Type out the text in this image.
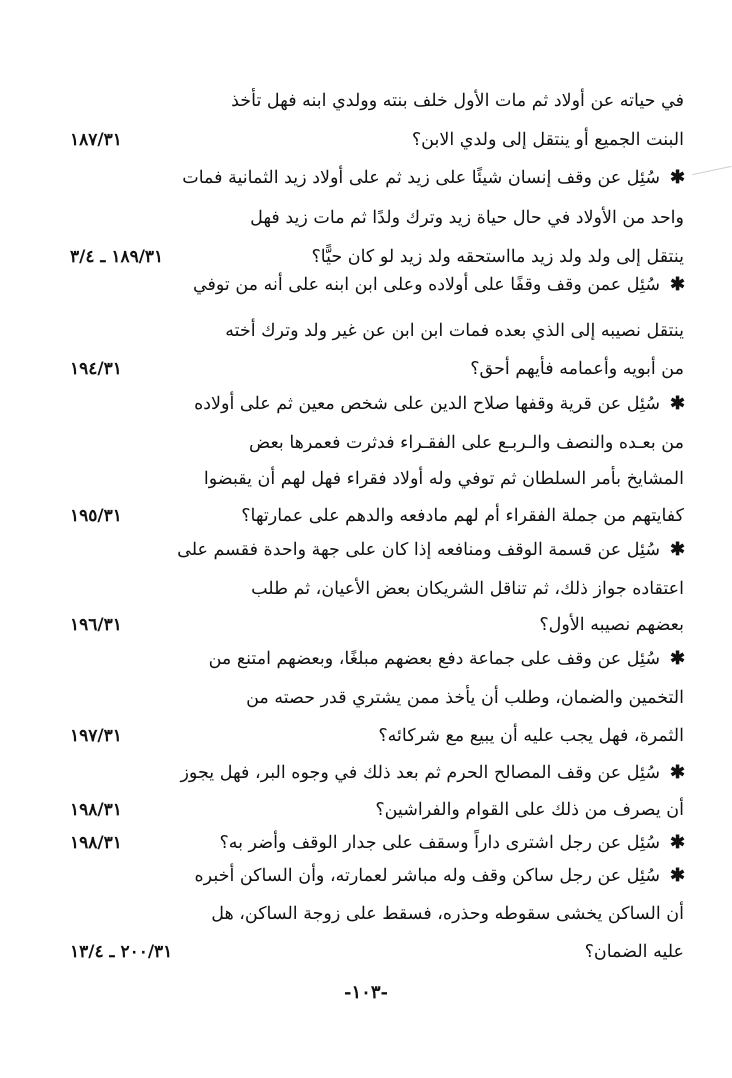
-١٠٣-
في حياته عن أولاد ثم مات الأول خلف بنته وولدي ابنه فهل تأخذ
البنت الجميع أو ينتقل إلى ولدي الابن؟
١٨٧/٣١
سُئِل عن وقف إنسان شيئًا على زيد ثم على أولاد زيد الثمانية فمات ✱
واحد من الأولاد في حال حياة زيد وترك ولدًا ثم مات زيد فهل
ينتقل إلى ولد ولد زيد مااستحقه ولد زيد لو كان حيًّا؟
١٨٩/٣١ ـ ٣/٤
سُئِل عمن وقف وقفًا على أولاده وعلى ابن ابنه على أنه من توفي ✱
ينتقل نصيبه إلى الذي بعده فمات ابن ابن عن غير ولد وترك أخته
من أبويه وأعمامه فأيهم أحق؟
١٩٤/٣١
سُئِل عن قرية وقفها صلاح الدين على شخص معين ثم على أولاده ✱
من بعـده والنصف والـربـع على الفقـراء فدثرت فعمرها بعض
المشايخ بأمر السلطان ثم توفي وله أولاد فقراء فهل لهم أن يقبضوا
كفايتهم من جملة الفقراء أم لهم مادفعه والدهم على عمارتها؟
١٩٥/٣١
سُئِل عن قسمة الوقف ومنافعه إذا كان على جهة واحدة فقسم على ✱
اعتقاده جواز ذلك، ثم تناقل الشريكان بعض الأعيان، ثم طلب
بعضهم نصيبه الأول؟
١٩٦/٣١
سُئِل عن وقف على جماعة دفع بعضهم مبلغًا، وبعضهم امتنع من ✱
التخمين والضمان، وطلب أن يأخذ ممن يشتري قدر حصته من
الثمرة، فهل يجب عليه أن يبيع مع شركائه؟
١٩٧/٣١
سُئِل عن وقف المصالح الحرم ثم بعد ذلك في وجوه البر، فهل يجوز ✱
أن يصرف من ذلك على القوام والفراشين؟
١٩٨/٣١
سُئِل عن رجل اشترى داراً وسقف على جدار الوقف وأضر به؟ ✱
١٩٨/٣١
سُئِل عن رجل ساكن وقف وله مباشر لعمارته، وأن الساكن أخبره ✱
أن الساكن يخشى سقوطه وحذره، فسقط على زوجة الساكن، هل
عليه الضمان؟
٢٠٠/٣١ ـ ١٣/٤
